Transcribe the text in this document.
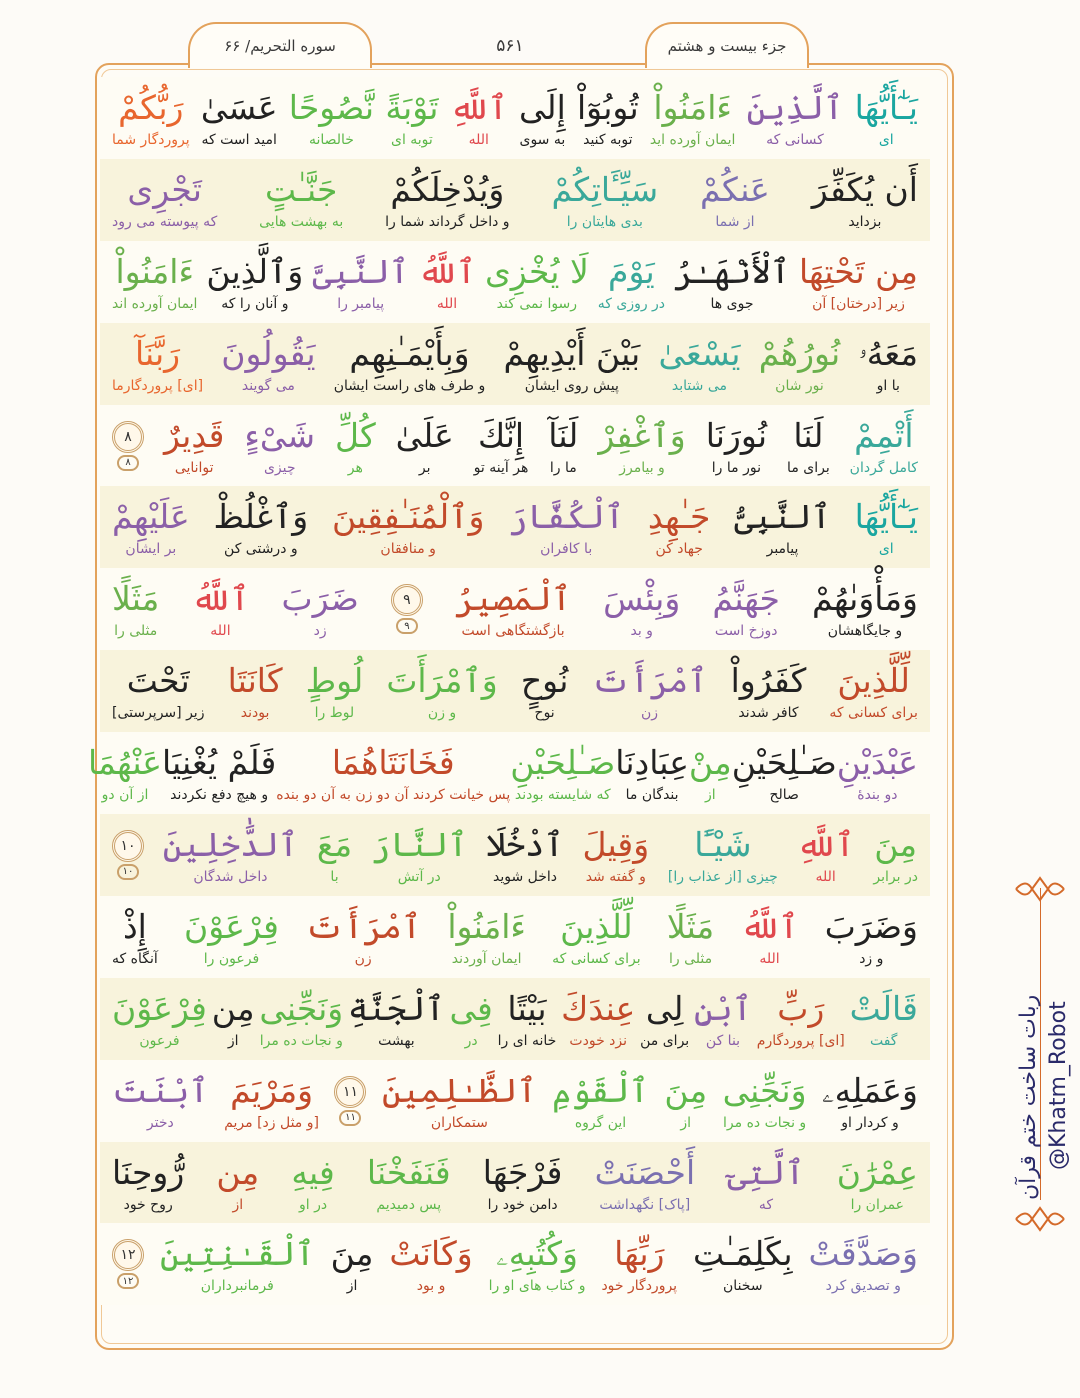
سوره التحریم/ ۶۶	جزء بیست و هشتم
۵۶۱
يَـٰٓأَيُّهَا
ای
ٱلَّذِينَ
کسانی که
ءَامَنُواْ
ایمان آورده اید
تُوبُوٓاْ
توبه کنید
إِلَى
به سوی
ٱللَّهِ
الله
تَوْبَةً
توبه ای
نَّصُوحًا
خالصانه
عَسَىٰ
امید است که
رَبُّكُمْ
پروردگار شما
أَن يُكَفِّرَ
بزداید
عَنكُمْ
از شما
سَيِّـَٔاتِكُمْ
بدی هایتان را
وَيُدْخِلَكُمْ
و داخل گرداند شما را
جَنَّـٰتٍ
به بهشت هایی
تَجْرِى
که پیوسته می رود
مِن تَحْتِهَا
زیر [درختان] آن
ٱلْأَنْهَـٰرُ
جوی ها
يَوْمَ
در روزی که
لَا يُخْزِى
رسوا نمی کند
ٱللَّهُ
الله
ٱلنَّبِىَّ
پیامبر را
وَٱلَّذِينَ
و آنان را که
ءَامَنُواْ
ایمان آورده اند
مَعَهُۥ
با او
نُورُهُمْ
نور شان
يَسْعَىٰ
می شتابد
بَيْنَ أَيْدِيهِمْ
پیش روی ایشان
وَبِأَيْمَـٰنِهِم
و طرف های راست ایشان
يَقُولُونَ
می گویند
رَبَّنَآ
[ای] پروردگارما
أَتْمِمْ
کامل گردان
لَنَا
برای ما
نُورَنَا
نور ما را
وَٱغْفِرْ
و بیامرز
لَنَآ
ما را
إِنَّكَ
هر آینه تو
عَلَىٰ
بر
كُلِّ
هر
شَىْءٍ
چیزی
قَدِيرٌ
توانایی
٨
٨
يَـٰٓأَيُّهَا
ای
ٱلنَّبِىُّ
پیامبر
جَـٰهِدِ
جهاد کن
ٱلْكُفَّارَ
با کافران
وَٱلْمُنَـٰفِقِينَ
و منافقان
وَٱغْلُظْ
و درشتی کن
عَلَيْهِمْ
بر ایشان
وَمَأْوَىٰهُمْ
و جایگاهشان
جَهَنَّمُ
دوزخ است
وَبِئْسَ
و بد
ٱلْمَصِيرُ
بازگشتگاهی است
٩
٩
ضَرَبَ
زد
ٱللَّهُ
الله
مَثَلًا
مثلی را
لِّلَّذِينَ
برای کسانی که
كَفَرُواْ
کافر شدند
ٱمْرَأَتَ
زن
نُوحٍ
نوح
وَٱمْرَأَتَ
و زن
لُوطٍ
لوط را
كَانَتَا
بودند
تَحْتَ
زیر [سرپرستی]
عَبْدَيْنِ
دو بندۀ
صَـٰلِحَيْنِ
صالح
مِنْ
از
عِبَادِنَا
بندگان ما
صَـٰلِحَيْنِ
که شایسته بودند
فَخَانَتَاهُمَا
پس خیانت کردند آن دو زن به آن دو بنده
فَلَمْ يُغْنِيَا
و هیچ دفع نکردند
عَنْهُمَا
از آن دو
مِنَ
در برابر
ٱللَّهِ
الله
شَيْـًٔا
چیزی [از عذاب را]
وَقِيلَ
و گفته شد
ٱدْخُلَا
داخل شوید
ٱلنَّارَ
در آتش
مَعَ
با
ٱلدَّٰخِلِينَ
داخل شدگان
١٠
١٠
وَضَرَبَ
و زد
ٱللَّهُ
الله
مَثَلًا
مثلی را
لِّلَّذِينَ
برای کسانی که
ءَامَنُواْ
ایمان آوردند
ٱمْرَأَتَ
زن
فِرْعَوْنَ
فرعون را
إِذْ
آنگاه که
قَالَتْ
گفت
رَبِّ
[ای] پروردگارم
ٱبْنِ
بنا کن
لِى
برای من
عِندَكَ
نزد خودت
بَيْتًا
خانه ای را
فِى
در
ٱلْجَنَّةِ
بهشت
وَنَجِّنِى
و نجات ده مرا
مِن
از
فِرْعَوْنَ
فرعون
وَعَمَلِهِۦ
و کردار او
وَنَجِّنِى
و نجات ده مرا
مِنَ
از
ٱلْقَوْمِ
این گروه
ٱلظَّـٰلِمِينَ
ستمکاران
١١
١١
وَمَرْيَمَ
[و مثل زد] مریم
ٱبْنَتَ
دختر
عِمْرَٰنَ
عمران را
ٱلَّتِىٓ
که
أَحْصَنَتْ
[پاک] نگهداشت
فَرْجَهَا
دامن خود را
فَنَفَخْنَا
پس دمیدیم
فِيهِ
در او
مِن
از
رُّوحِنَا
روح خود
وَصَدَّقَتْ
و تصدیق کرد
بِكَلِمَـٰتِ
سخنان
رَبِّهَا
پروردگار خود
وَكُتُبِهِۦ
و کتاب های او را
وَكَانَتْ
و بود
مِنَ
از
ٱلْقَـٰنِتِينَ
فرمانبرداران
١٢
١٢
ربات ساخت ختم قرآن @Khatm_Robot
